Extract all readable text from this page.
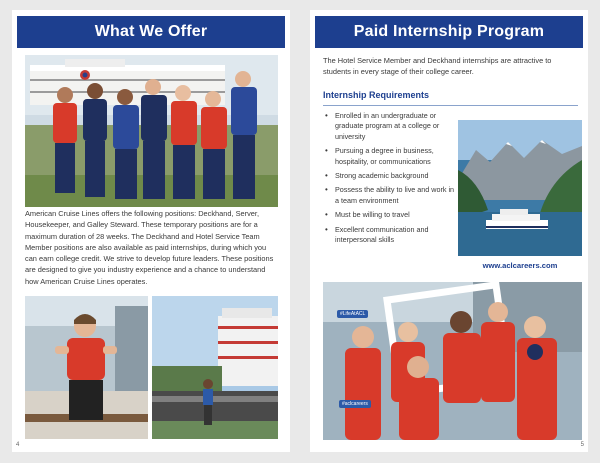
What We Offer
American Cruise Lines offers the following positions: Deckhand, Server, Housekeeper, and Galley Steward. These temporary positions are for a maximum duration of 28 weeks. The Deckhand and Hotel Service Team Member positions are also available as paid internships, during which you can earn college credit. We strive to develop future leaders. These positions are designed to give you industry experience and a chance to understand how American Cruise Lines operates.
4
Paid Internship Program
The Hotel Service Member and Deckhand internships are attractive to students in every stage of their college career.
Internship Requirements
• Enrolled in an undergraduate or graduate program at a college or university
• Pursuing a degree in business, hospitality, or communications
• Strong academic background
• Possess the ability to live and work in a team environment
• Must be willing to travel
• Excellent communication and interpersonal skills
www.aclcareers.com
#LifeAtACL
#aclcareers
5
